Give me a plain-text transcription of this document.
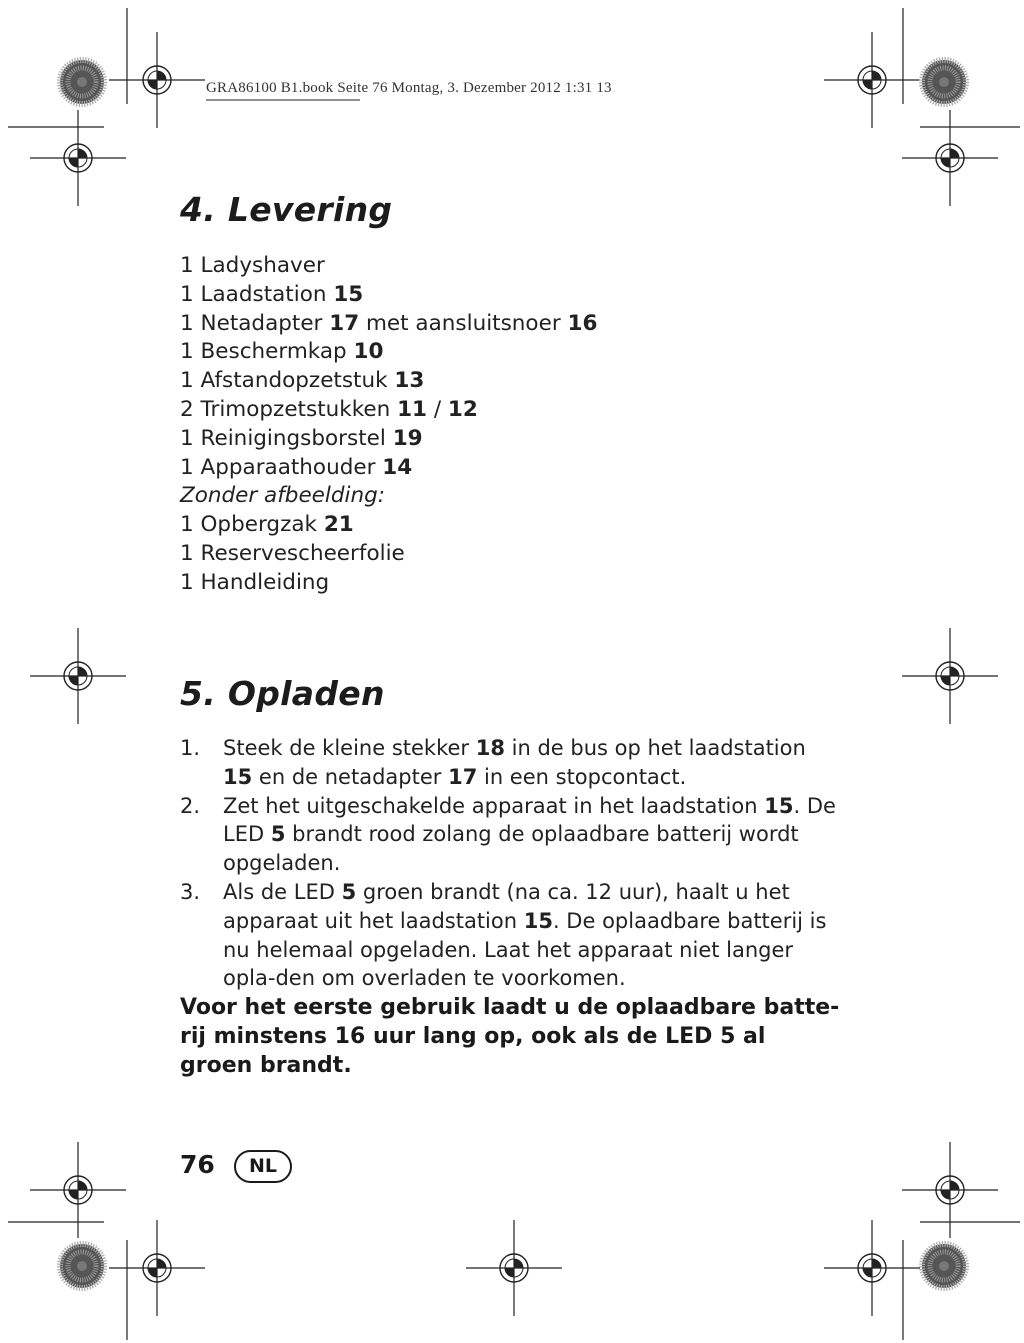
GRA86100 B1.book Seite 76 Montag, 3. Dezember 2012 1:31 13
4. Levering
1 Ladyshaver
1 Laadstation 15
1 Netadapter 17 met aansluitsnoer 16
1 Beschermkap 10
1 Afstandopzetstuk 13
2 Trimopzetstukken 11 / 12
1 Reinigingsborstel 19
1 Apparaathouder 14
Zonder afbeelding:
1 Opbergzak 21
1 Reservescheerfolie
1 Handleiding
5. Opladen
1. Steek de kleine stekker 18 in de bus op het laadstation 15 en de netadapter 17 in een stopcontact.
2. Zet het uitgeschakelde apparaat in het laadstation 15. De LED 5 brandt rood zolang de oplaadbare batterij wordt opgeladen.
3. Als de LED 5 groen brandt (na ca. 12 uur), haalt u het apparaat uit het laadstation 15. De oplaadbare batterij is nu helemaal opgeladen. Laat het apparaat niet langer opla-den om overladen te voorkomen.

Voor het eerste gebruik laadt u de oplaadbare batte-rij minstens 16 uur lang op, ook als de LED 5 al groen brandt.

76	NL
